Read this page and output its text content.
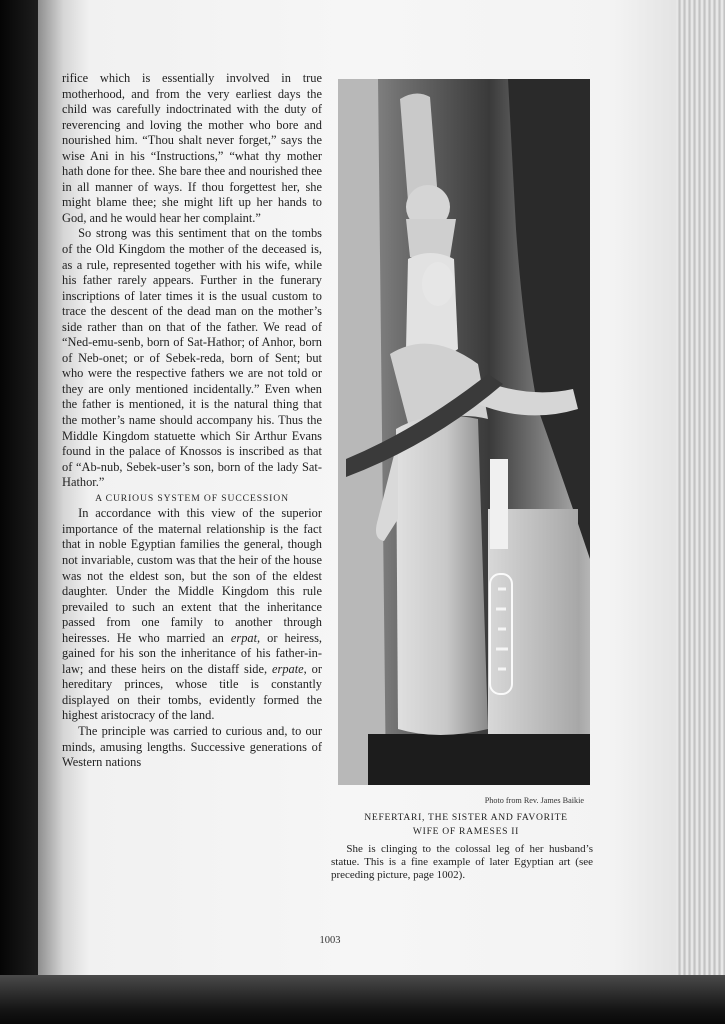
rifice which is essentially involved in true motherhood, and from the very earliest days the child was carefully indoctrinated with the duty of reverencing and loving the mother who bore and nourished him. “Thou shalt never forget,” says the wise Ani in his “Instructions,” “what thy mother hath done for thee. She bare thee and nourished thee in all manner of ways. If thou forgettest her, she might blame thee; she might lift up her hands to God, and he would hear her complaint.”

So strong was this sentiment that on the tombs of the Old Kingdom the mother of the deceased is, as a rule, represented together with his wife, while his father rarely appears. Further in the funerary inscriptions of later times it is the usual custom to trace the descent of the dead man on the mother’s side rather than on that of the father. We read of “Ned-emu-senb, born of Sat-Hathor; of Anhor, born of Neb-onet; or of Sebek-reda, born of Sent; but who were the respective fathers we are not told or they are only mentioned incidentally.” Even when the father is mentioned, it is the natural thing that the mother’s name should accompany his. Thus the Middle Kingdom statuette which Sir Arthur Evans found in the palace of Knossos is inscribed as that of “Ab-nub, Sebek-user’s son, born of the lady Sat-Hathor.”

A CURIOUS SYSTEM OF SUCCESSION

In accordance with this view of the superior importance of the maternal relationship is the fact that in noble Egyptian families the general, though not invariable, custom was that the heir of the house was not the eldest son, but the son of the eldest daughter. Under the Middle Kingdom this rule prevailed to such an extent that the inheritance passed from one family to another through heiresses. He who married an erpat, or heiress, gained for his son the inheritance of his father-in-law; and these heirs on the distaff side, erpate, or hereditary princes, whose title is constantly displayed on their tombs, evidently formed the highest aristocracy of the land.

The principle was carried to curious and, to our minds, amusing lengths. Successive generations of Western nations

Photo from Rev. James Baikie
NEFERTARI, THE SISTER AND FAVORITE
WIFE OF RAMESES II
She is clinging to the colossal leg of her husband’s statue. This is a fine example of later Egyptian art (see preceding picture, page 1002).
1003
